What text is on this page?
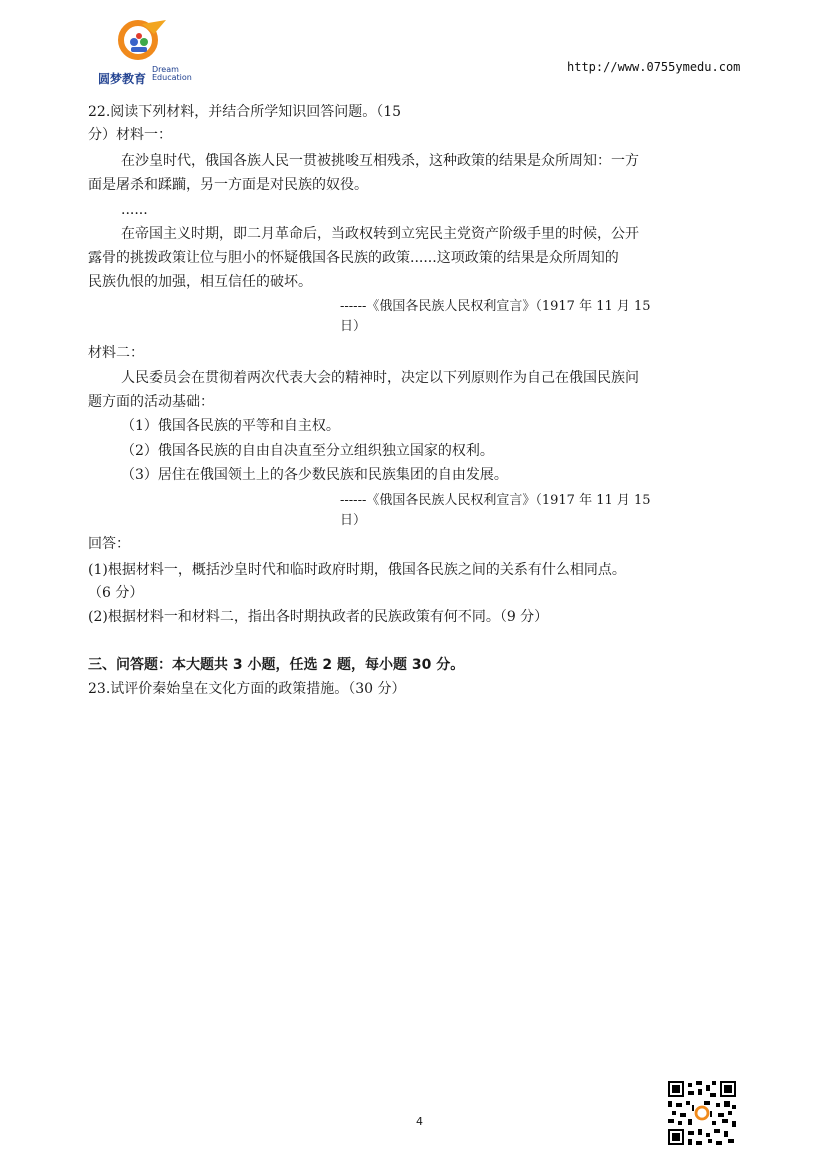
圆梦教育
Dream
Education
http://www.0755ymedu.com
22.阅读下列材料，并结合所学知识回答问题。（15
分）材料一：
在沙皇时代，俄国各族人民一贯被挑唆互相残杀，这种政策的结果是众所周知：一方
面是屠杀和蹂躏，另一方面是对民族的奴役。
......
在帝国主义时期，即二月革命后，当政权转到立宪民主党资产阶级手里的时候，公开
露骨的挑拨政策让位与胆小的怀疑俄国各民族的政策......这项政策的结果是众所周知的
民族仇恨的加强，相互信任的破坏。
------《俄国各民族人民权利宣言》（1917 年 11 月 15
日）
材料二：
人民委员会在贯彻着两次代表大会的精神时，决定以下列原则作为自己在俄国民族问
题方面的活动基础：
（1）俄国各民族的平等和自主权。
（2）俄国各民族的自由自决直至分立组织独立国家的权利。
（3）居住在俄国领土上的各少数民族和民族集团的自由发展。
------《俄国各民族人民权利宣言》（1917 年 11 月 15
日）
回答：
(1)根据材料一，概括沙皇时代和临时政府时期，俄国各民族之间的关系有什么相同点。
（6 分）
(2)根据材料一和材料二，指出各时期执政者的民族政策有何不同。（9 分）
三、问答题：本大题共 3 小题，任选 2 题，每小题 30 分。
23.试评价秦始皇在文化方面的政策措施。（30 分）
4
